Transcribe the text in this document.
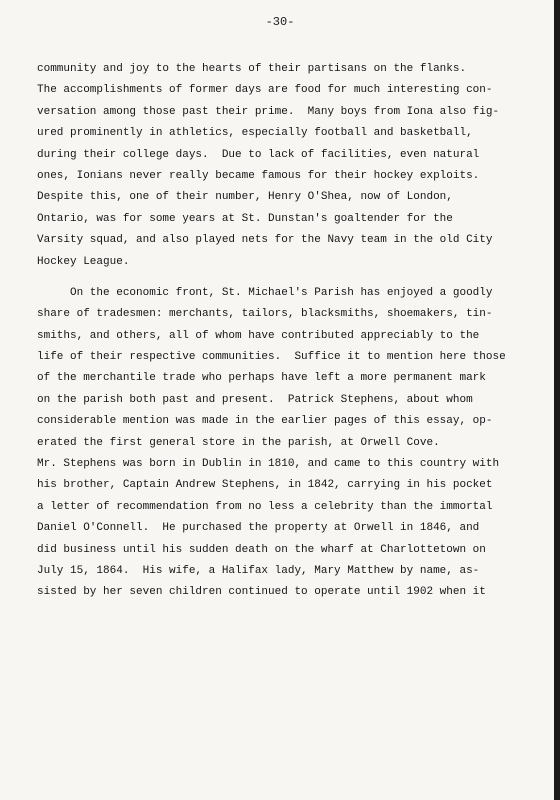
-30-
community and joy to the hearts of their partisans on the flanks.
The accomplishments of former days are food for much interesting con-
versation among those past their prime.  Many boys from Iona also fig-
ured prominently in athletics, especially football and basketball,
during their college days.  Due to lack of facilities, even natural
ones, Ionians never really became famous for their hockey exploits.
Despite this, one of their number, Henry O'Shea, now of London,
Ontario, was for some years at St. Dunstan's goaltender for the
Varsity squad, and also played nets for the Navy team in the old City
Hockey League.
On the economic front, St. Michael's Parish has enjoyed a goodly
share of tradesmen: merchants, tailors, blacksmiths, shoemakers, tin-
smiths, and others, all of whom have contributed appreciably to the
life of their respective communities.  Suffice it to mention here those
of the merchantile trade who perhaps have left a more permanent mark
on the parish both past and present.  Patrick Stephens, about whom
considerable mention was made in the earlier pages of this essay, op-
erated the first general store in the parish, at Orwell Cove.
Mr. Stephens was born in Dublin in 1810, and came to this country with
his brother, Captain Andrew Stephens, in 1842, carrying in his pocket
a letter of recommendation from no less a celebrity than the immortal
Daniel O'Connell.  He purchased the property at Orwell in 1846, and
did business until his sudden death on the wharf at Charlottetown on
July 15, 1864.  His wife, a Halifax lady, Mary Matthew by name, as-
sisted by her seven children continued to operate until 1902 when it
